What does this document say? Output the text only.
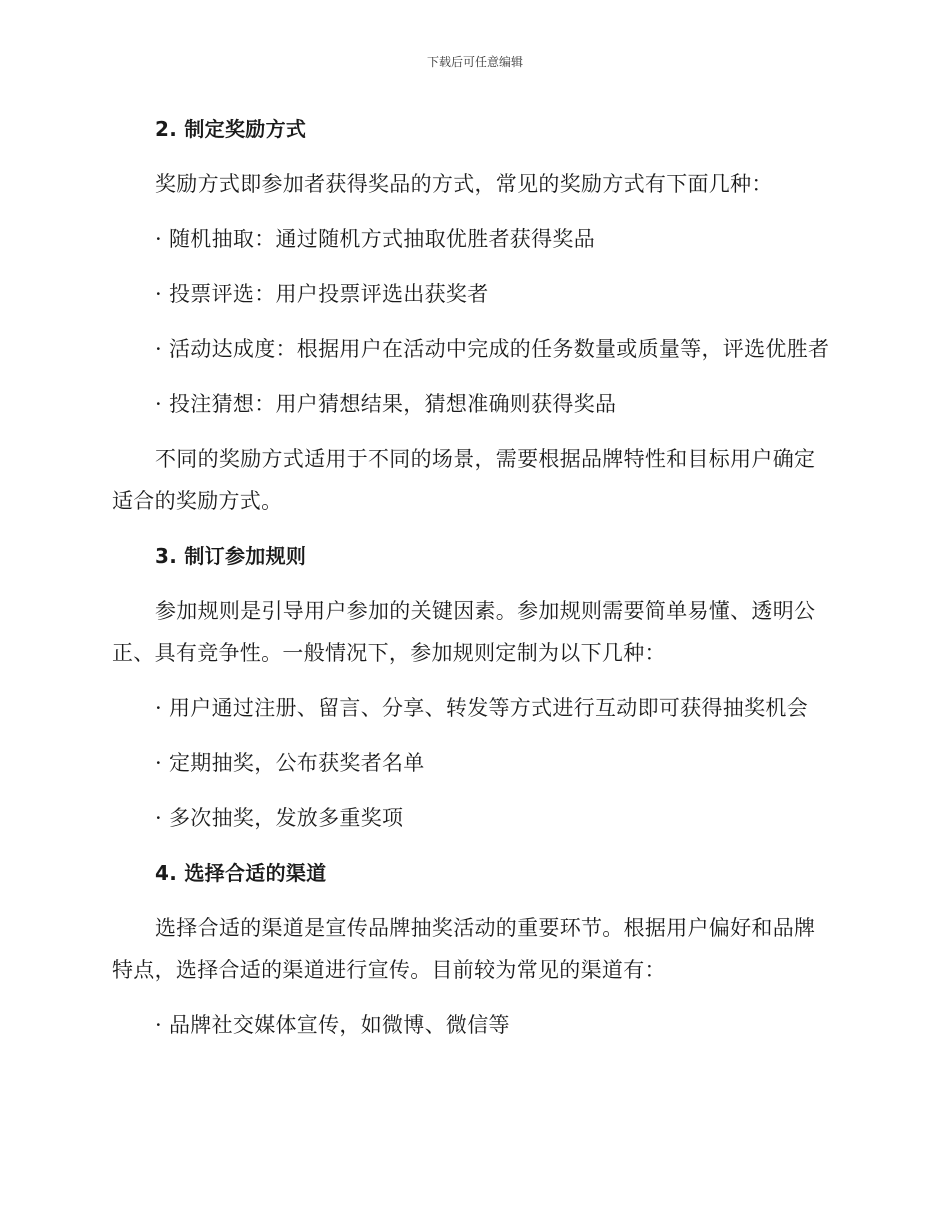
下载后可任意编辑
2. 制定奖励方式
奖励方式即参加者获得奖品的方式，常见的奖励方式有下面几种：
· 随机抽取：通过随机方式抽取优胜者获得奖品
· 投票评选：用户投票评选出获奖者
· 活动达成度：根据用户在活动中完成的任务数量或质量等，评选优胜者
· 投注猜想：用户猜想结果，猜想准确则获得奖品
不同的奖励方式适用于不同的场景，需要根据品牌特性和目标用户确定适合的奖励方式。
3. 制订参加规则
参加规则是引导用户参加的关键因素。参加规则需要简单易懂、透明公正、具有竞争性。一般情况下，参加规则定制为以下几种：
· 用户通过注册、留言、分享、转发等方式进行互动即可获得抽奖机会
· 定期抽奖，公布获奖者名单
· 多次抽奖，发放多重奖项
4. 选择合适的渠道
选择合适的渠道是宣传品牌抽奖活动的重要环节。根据用户偏好和品牌特点，选择合适的渠道进行宣传。目前较为常见的渠道有：
· 品牌社交媒体宣传，如微博、微信等
